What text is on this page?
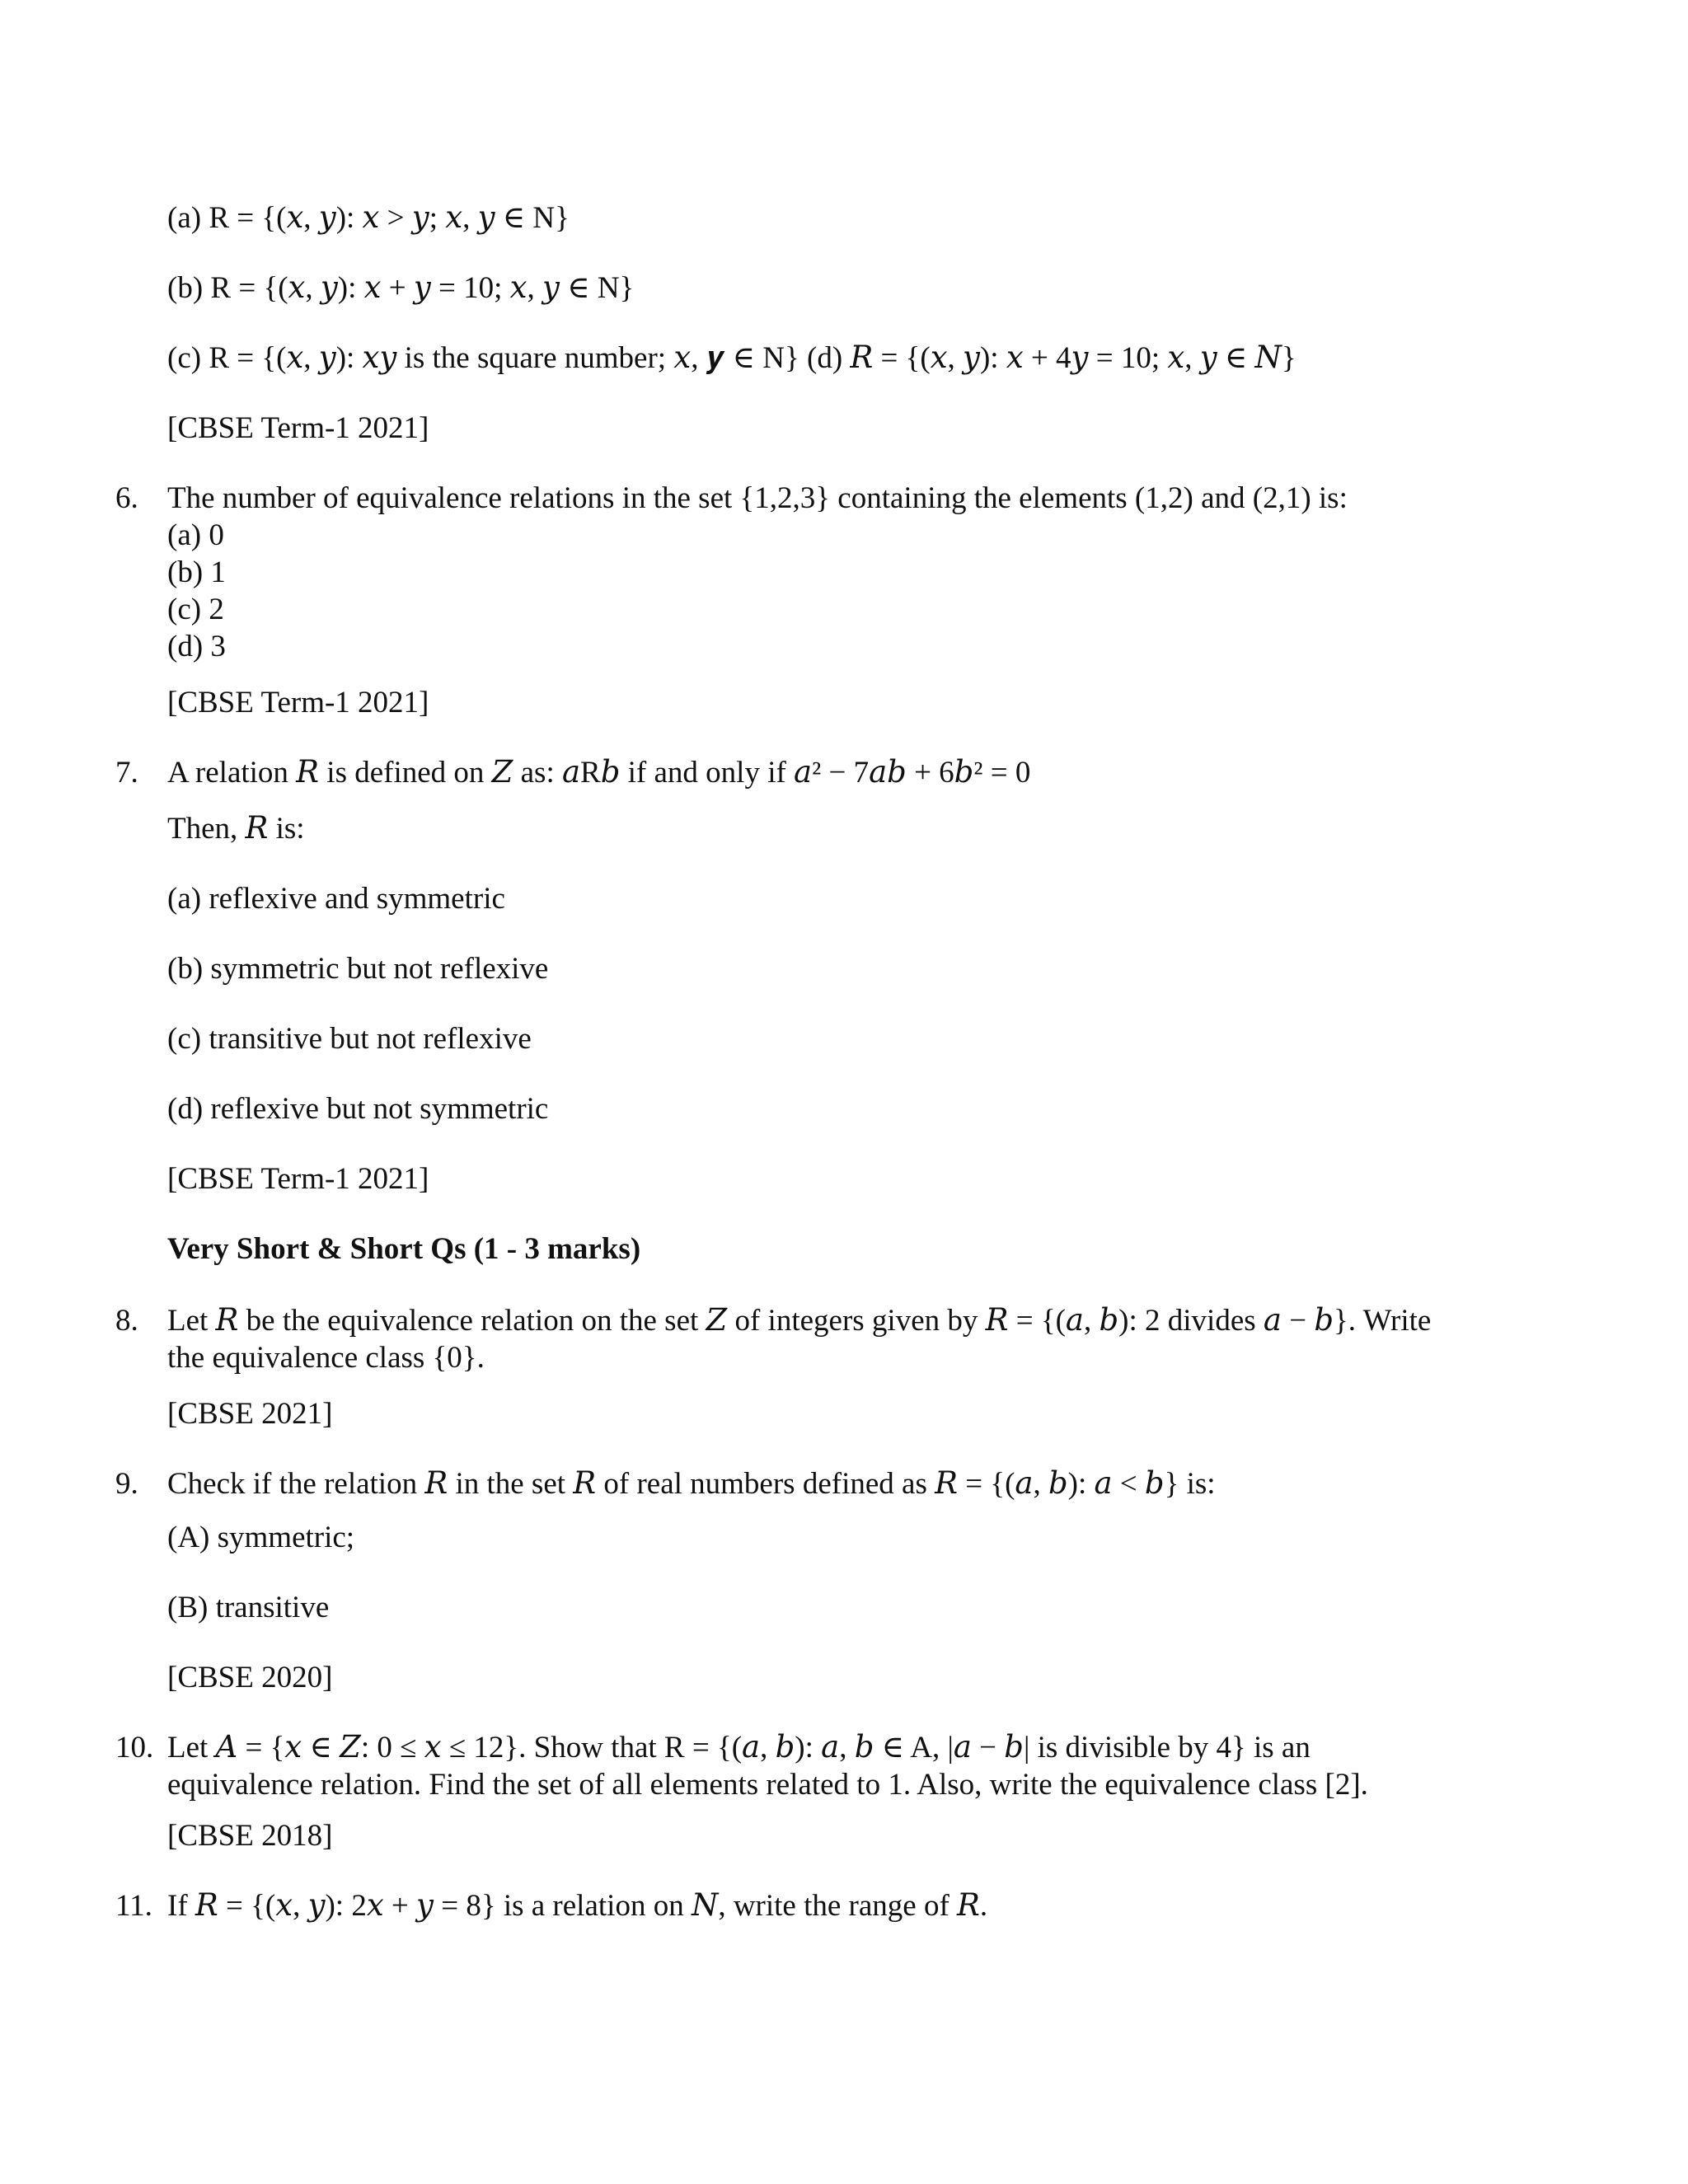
(a) R = {(𝑥, 𝑦): 𝑥 > 𝑦; 𝑥, 𝑦 ∈ N}
(b) R = {(𝑥, 𝑦): 𝑥 + 𝑦 = 10; 𝑥, 𝑦 ∈ N}
(c) R = {(𝑥, 𝑦): 𝑥𝑦 is the square number; 𝑥, 𝒚 ∈ N} (d) 𝑅 = {(𝑥, 𝑦): 𝑥 + 4𝑦 = 10; 𝑥, 𝑦 ∈ 𝑁}
[CBSE Term-1 2021]
6. The number of equivalence relations in the set {1,2,3} containing the elements (1,2) and (2,1) is:
(a) 0
(b) 1
(c) 2
(d) 3
[CBSE Term-1 2021]
7. A relation 𝑅 is defined on 𝑍 as: 𝑎R𝑏 if and only if 𝑎² − 7𝑎𝑏 + 6𝑏² = 0
Then, 𝑅 is:
(a) reflexive and symmetric
(b) symmetric but not reflexive
(c) transitive but not reflexive
(d) reflexive but not symmetric
[CBSE Term-1 2021]
Very Short & Short Qs (1 - 3 marks)
8. Let 𝑅 be the equivalence relation on the set 𝑍 of integers given by 𝑅 = {(𝑎, 𝑏): 2 divides 𝑎 − 𝑏}. Write
the equivalence class {0}.
[CBSE 2021]
9. Check if the relation 𝑅 in the set 𝑅 of real numbers defined as 𝑅 = {(𝑎, 𝑏): 𝑎 < 𝑏} is:
(A) symmetric;
(B) transitive
[CBSE 2020]
10. Let 𝐴 = {𝑥 ∈ 𝑍: 0 ≤ 𝑥 ≤ 12}. Show that R = {(𝑎, 𝑏): 𝑎, 𝑏 ∈ A, |𝑎 − 𝑏| is divisible by 4} is an
equivalence relation. Find the set of all elements related to 1. Also, write the equivalence class [2].
[CBSE 2018]
11. If 𝑅 = {(𝑥, 𝑦): 2𝑥 + 𝑦 = 8} is a relation on 𝑁, write the range of 𝑅.
